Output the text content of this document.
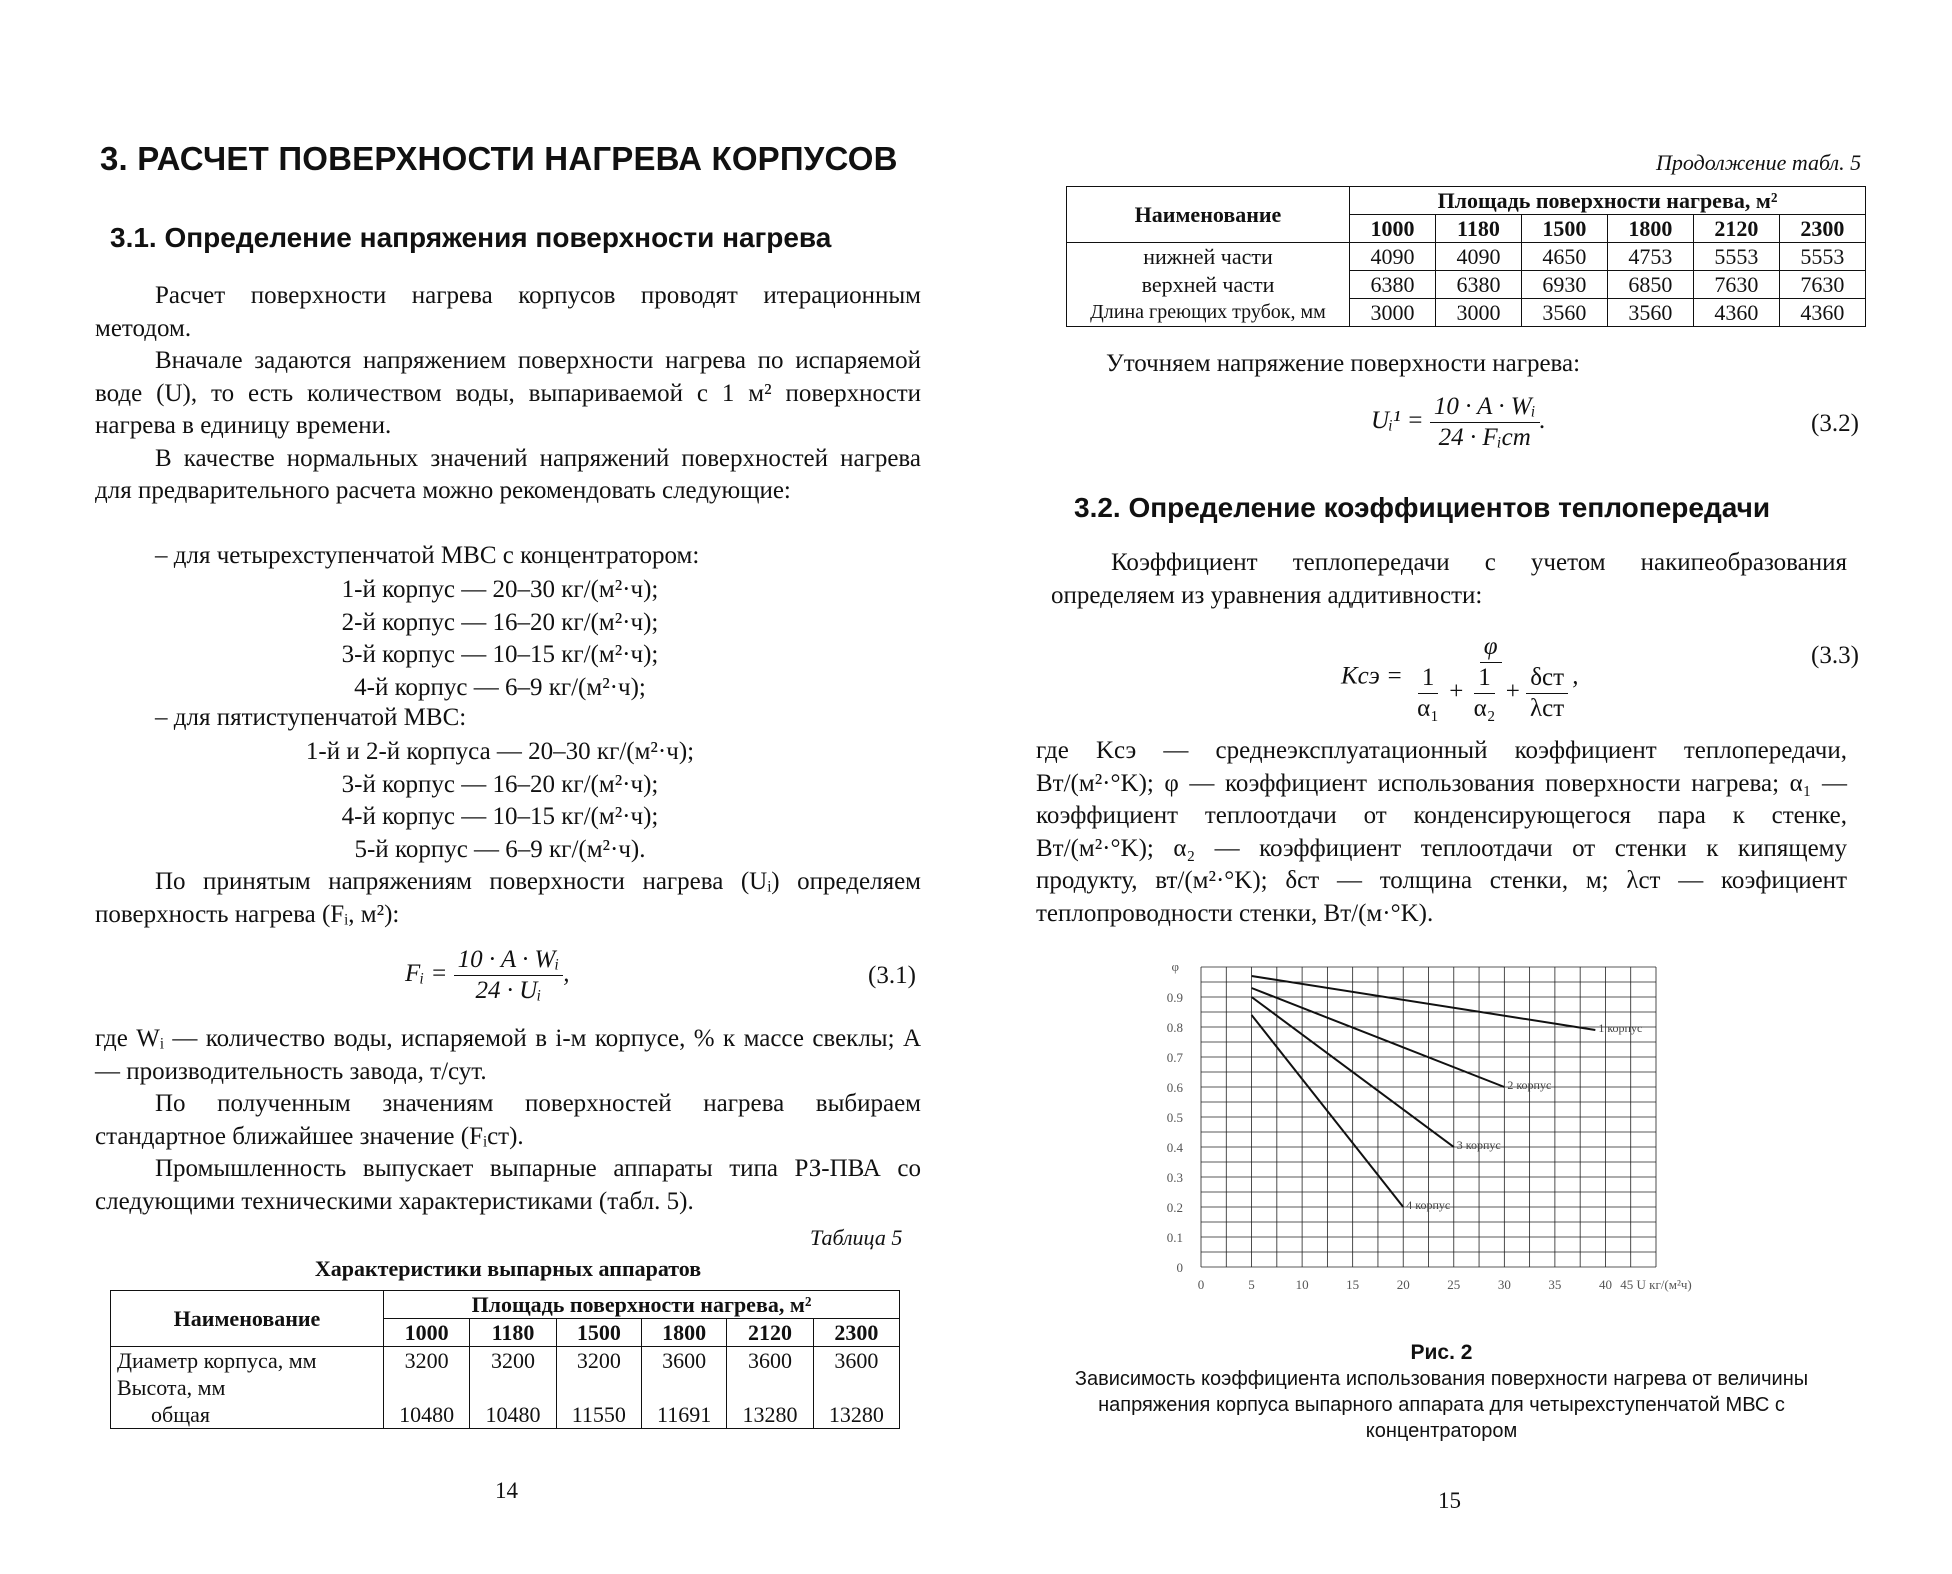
3. РАСЧЕТ ПОВЕРХНОСТИ НАГРЕВА КОРПУСОВ
3.1. Определение напряжения поверхности нагрева
Расчет поверхности нагрева корпусов проводят итерационным методом.
Вначале задаются напряжением поверхности нагрева по испаряемой воде (U), то есть количеством воды, выпариваемой с 1 м² поверхности нагрева в единицу времени.
В качестве нормальных значений напряжений поверхностей нагрева для предварительного расчета можно рекомендовать следующие:
– для четырехступенчатой МВС с концентратором:
1-й корпус — 20–30 кг/(м²·ч);
2-й корпус — 16–20 кг/(м²·ч);
3-й корпус — 10–15 кг/(м²·ч);
4-й корпус — 6–9 кг/(м²·ч);
– для пятиступенчатой МВС:
1-й и 2-й корпуса — 20–30 кг/(м²·ч);
3-й корпус — 16–20 кг/(м²·ч);
4-й корпус — 10–15 кг/(м²·ч);
5-й корпус — 6–9 кг/(м²·ч).
По принятым напряжениям поверхности нагрева (Uᵢ) определяем поверхность нагрева (Fᵢ, м²):
Fᵢ = $\frac{\text{10 · A · Wᵢ}}{\text{24 · Uᵢ}}$ ,	(3.1)
где Wᵢ — количество воды, испаряемой в i-м корпусе, % к массе свеклы; A — производительность завода, т/сут.
По полученным значениям поверхностей нагрева выбираем стандартное ближайшее значение (Fᵢст).
Промышленность выпускает выпарные аппараты типа РЗ-ПВА со следующими техническими характеристиками (табл. 5).
Таблица 5
Характеристики выпарных аппаратов
Наименование	Площадь поверхности нагрева, м²					
	1000	1180	1500	1800	2120	2300
Диаметр корпуса, мм	3200	3200	3200	3600	3600	3600
Высота, мм						
общая	10480	10480	11550	11691	13280	13280
14
Продолжение табл. 5
Наименование	Площадь поверхности нагрева, м²					
	1000	1180	1500	1800	2120	2300
нижней части	4090	4090	4650	4753	5553	5553
верхней части	6380	6380	6930	6850	7630	7630
Длина греющих трубок, мм	3000	3000	3560	3560	4360	4360
Уточняем напряжение поверхности нагрева:
Uᵢ¹ = $\frac{\text{10 · A · Wᵢ}}{\text{24 · Fᵢст}}$ .	(3.2)
3.2. Определение коэффициентов теплопередачи
Коэффициент теплопередачи с учетом накипеобразования определяем из уравнения аддитивности:
Kсэ = $\frac{\varphi}{\frac{1}{\text{α₁}} + \frac{1}{\text{α₂}} + \frac{\text{δст}}{\text{λст}}}$ ,
(3.3)
где Kсэ — среднеэксплуатационный коэффициент теплопередачи, Вт/(м²·°K); φ — коэффициент использования поверхности нагрева; α₁ — коэффициент теплоотдачи от конденсирующегося пара к стенке, Вт/(м²·°K); α₂ — коэффициент теплоотдачи от стенки к кипящему продукту, вт/(м²·°K); δст — толщина стенки, м; λст — коэфициент теплопроводности стенки, Вт/(м·°K).
0
0.1
0.2
0.3
0.4
0.5
0.6
0.7
0.8
0.9
φ
0	5	10	15	20	25	30	35	40 45 U кг/(м²ч)
1 корпус
2 корпус
3 корпус
4 корпус
Рис. 2
Зависимость коэффициента использования поверхности нагрева от величины напряжения корпуса выпарного аппарата для четырехступенчатой МВС с концентратором
15
